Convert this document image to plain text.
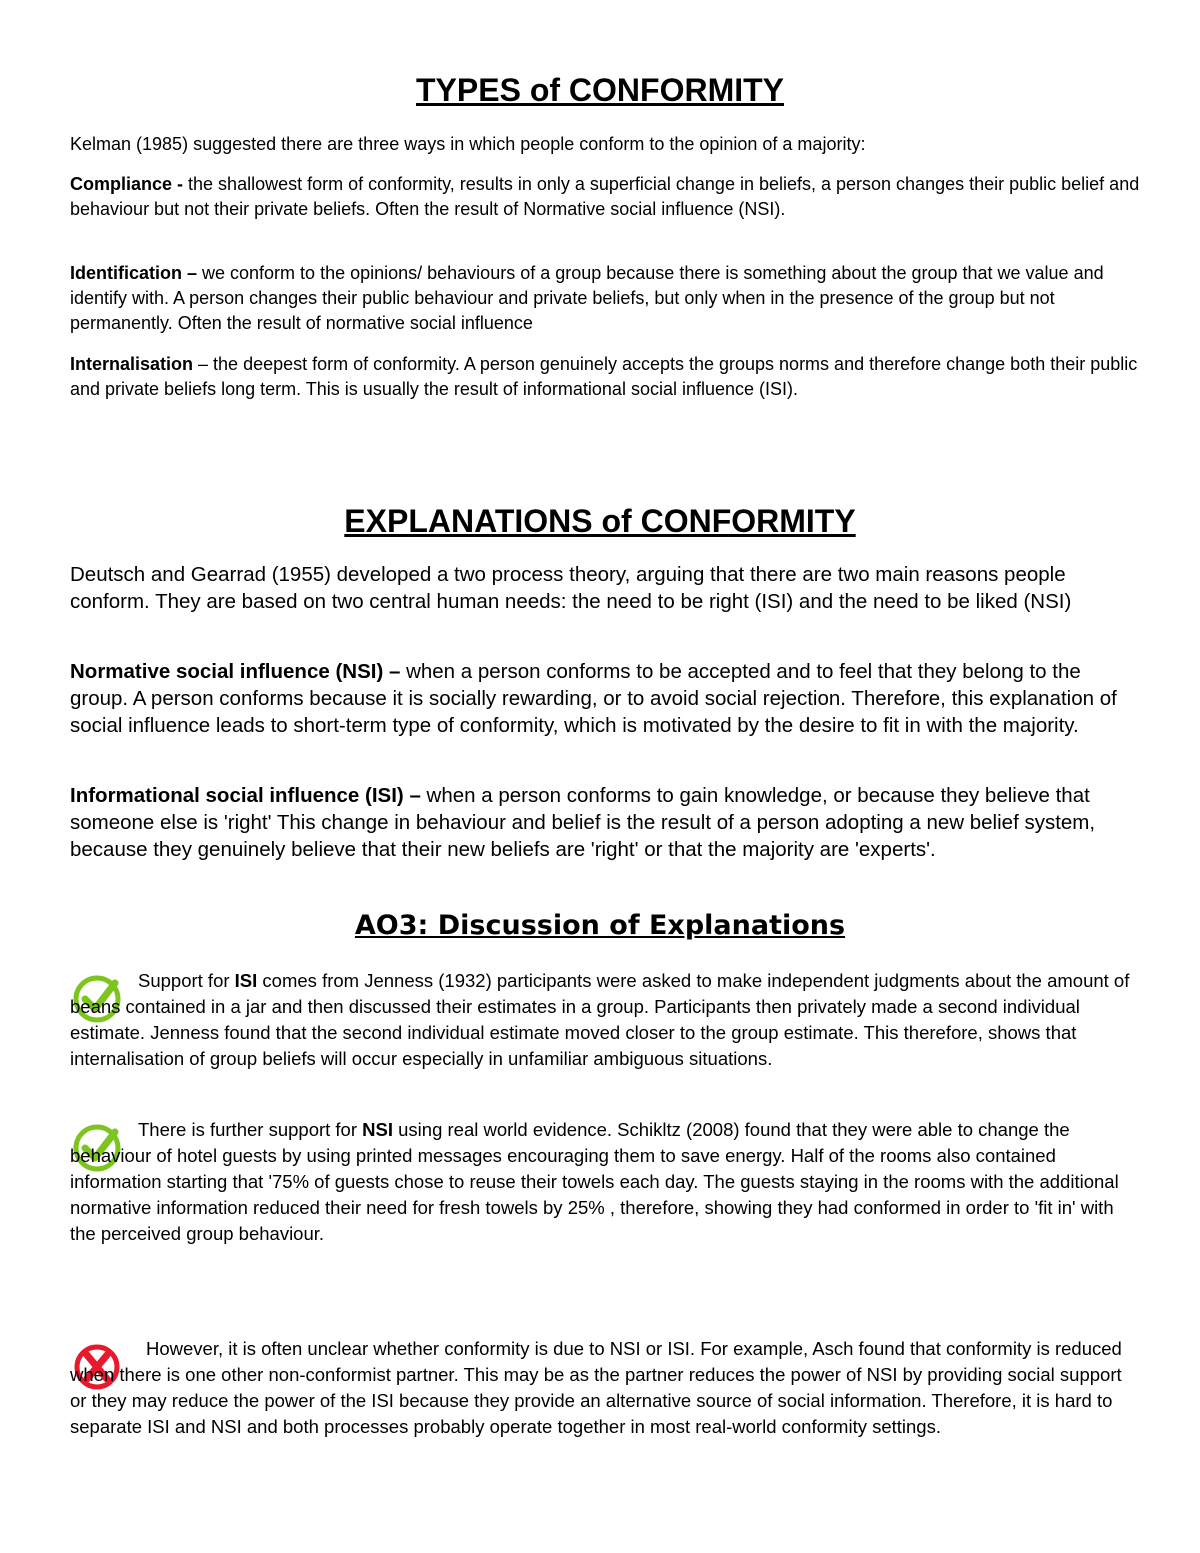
TYPES of CONFORMITY

Kelman (1985) suggested there are three ways in which people conform to the opinion of a majority:

Compliance - the shallowest form of conformity, results in only a superficial change in beliefs, a person changes their public belief and behaviour but not their private beliefs. Often the result of Normative social influence (NSI).

Identification – we conform to the opinions/ behaviours of a group because there is something about the group that we value and identify with. A person changes their public behaviour and private beliefs, but only when in the presence of the group but not permanently. Often the result of normative social influence

Internalisation – the deepest form of conformity. A person genuinely accepts the groups norms and therefore change both their public and private beliefs long term. This is usually the result of informational social influence (ISI).

EXPLANATIONS of CONFORMITY

Deutsch and Gearrad (1955) developed a two process theory, arguing that there are two main reasons people conform. They are based on two central human needs: the need to be right (ISI) and the need to be liked (NSI)

Normative social influence (NSI) – when a person conforms to be accepted and to feel that they belong to the group. A person conforms because it is socially rewarding, or to avoid social rejection. Therefore, this explanation of social influence leads to short-term type of conformity, which is motivated by the desire to fit in with the majority.

Informational social influence (ISI) – when a person conforms to gain knowledge, or because they believe that someone else is 'right' This change in behaviour and belief is the result of a person adopting a new belief system, because they genuinely believe that their new beliefs are 'right' or that the majority are 'experts'.

AO3: Discussion of Explanations

Support for ISI comes from Jenness (1932) participants were asked to make independent judgments about the amount of beans contained in a jar and then discussed their estimates in a group. Participants then privately made a second individual estimate. Jenness found that the second individual estimate moved closer to the group estimate. This therefore, shows that internalisation of group beliefs will occur especially in unfamiliar ambiguous situations.

There is further support for NSI using real world evidence. Schikltz (2008) found that they were able to change the behaviour of hotel guests by using printed messages encouraging them to save energy. Half of the rooms also contained information starting that '75% of guests chose to reuse their towels each day. The guests staying in the rooms with the additional normative information reduced their need for fresh towels by 25% , therefore, showing they had conformed in order to 'fit in' with the perceived group behaviour.

However, it is often unclear whether conformity is due to NSI or ISI. For example, Asch found that conformity is reduced when there is one other non-conformist partner. This may be as the partner reduces the power of NSI by providing social support or they may reduce the power of the ISI because they provide an alternative source of social information. Therefore, it is hard to separate ISI and NSI and both processes probably operate together in most real-world conformity settings.
